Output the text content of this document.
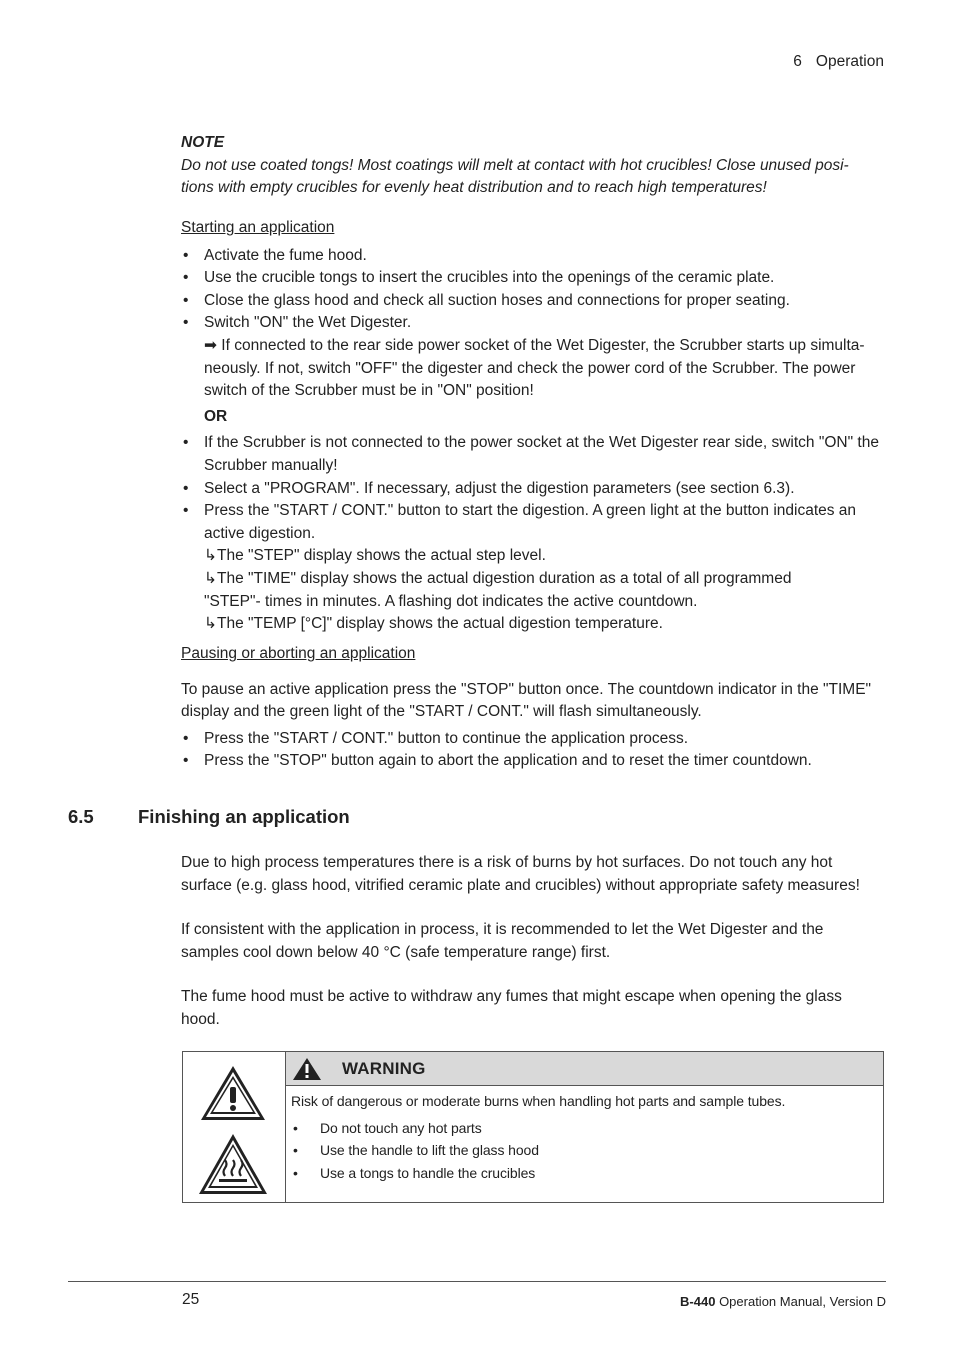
6 Operation
NOTE
Do not use coated tongs! Most coatings will melt at contact with hot crucibles! Close unused posi-
tions with empty crucibles for evenly heat distribution and to reach high temperatures!
Starting an application
• Activate the fume hood.
• Use the crucible tongs to insert the crucibles into the openings of the ceramic plate.
• Close the glass hood and check all suction hoses and connections for proper seating.
• Switch "ON" the Wet Digester.
➡ If connected to the rear side power socket of the Wet Digester, the Scrubber starts up simulta-
neously. If not, switch "OFF" the digester and check the power cord of the Scrubber. The power
switch of the Scrubber must be in "ON" position!
OR
• If the Scrubber is not connected to the power socket at the Wet Digester rear side, switch "ON" the Scrubber manually!
• Select a "PROGRAM". If necessary, adjust the digestion parameters (see section 6.3).
• Press the "START / CONT." button to start the digestion. A green light at the button indicates an active digestion.
↳The "STEP" display shows the actual step level.
↳The "TIME" display shows the actual digestion duration as a total of all programmed
"STEP"- times in minutes. A flashing dot indicates the active countdown.
↳The "TEMP [°C]" display shows the actual digestion temperature.
Pausing or aborting an application
To pause an active application press the "STOP" button once. The countdown indicator in the "TIME" display and the green light of the "START / CONT." will flash simultaneously.
• Press the "START / CONT." button to continue the application process.
• Press the "STOP" button again to abort the application and to reset the timer countdown.
6.5 Finishing an application
Due to high process temperatures there is a risk of burns by hot surfaces. Do not touch any hot surface (e.g. glass hood, vitrified ceramic plate and crucibles) without appropriate safety measures!
If consistent with the application in process, it is recommended to let the Wet Digester and the samples cool down below 40 °C (safe temperature range) first.
The fume hood must be active to withdraw any fumes that might escape when opening the glass hood.
WARNING
Risk of dangerous or moderate burns when handling hot parts and sample tubes.
• Do not touch any hot parts
• Use the handle to lift the glass hood
• Use a tongs to handle the crucibles
25	B-440 Operation Manual, Version D
